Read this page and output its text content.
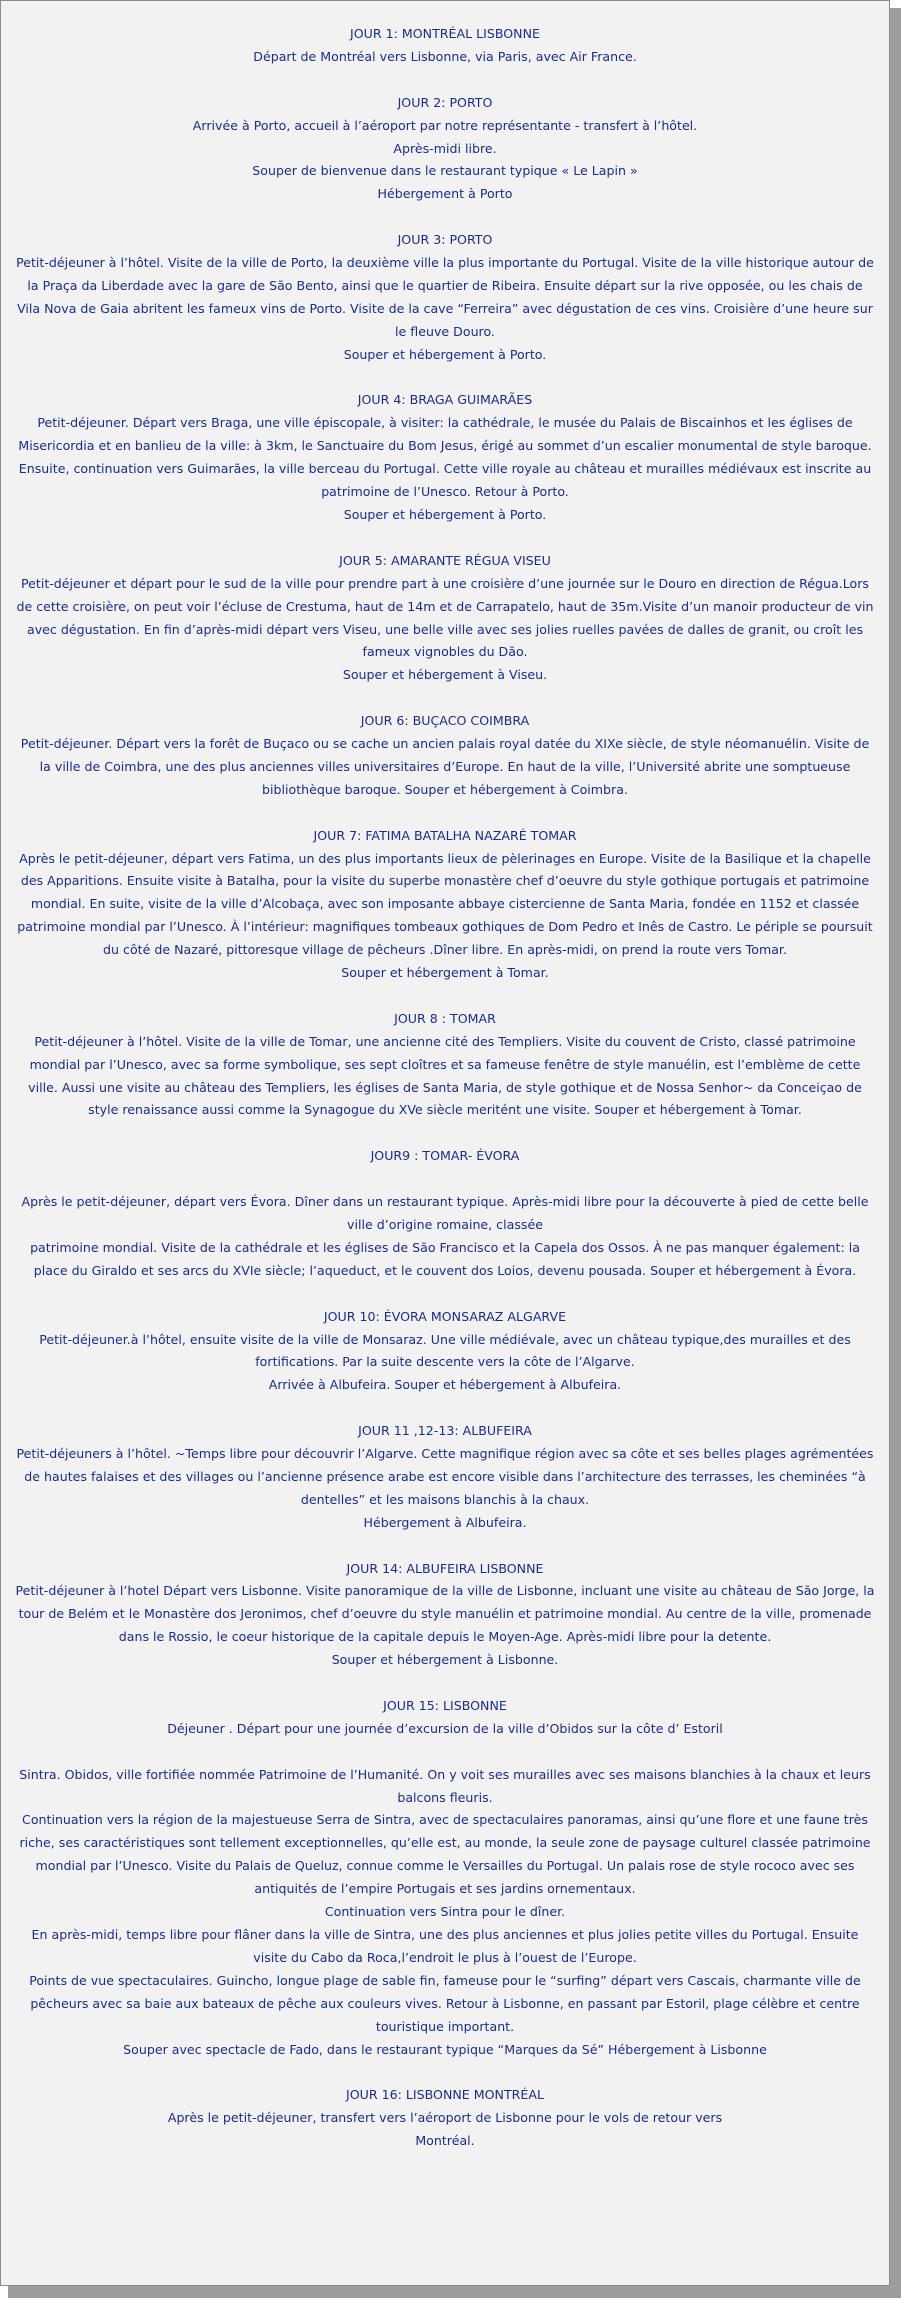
JOUR 1: MONTRÉAL LISBONNE

Départ de Montréal vers Lisbonne, via Paris, avec Air France.

JOUR 2: PORTO

Arrivée à Porto, accueil à l’aéroport par notre représentante - transfert à l’hôtel.

Après-midi libre.

Souper de bienvenue dans le restaurant typique « Le Lapin »

Hébergement à Porto

JOUR 3: PORTO

Petit-déjeuner à l’hôtel. Visite de la ville de Porto, la deuxième ville la plus importante du Portugal. Visite de la ville historique autour de la Praça da Liberdade avec la gare de São Bento, ainsi que le quartier de Ribeira. Ensuite départ sur la rive opposée, ou les chais de Vila Nova de Gaia abritent les fameux vins de Porto. Visite de la cave “Ferreira” avec dégustation de ces vins. Croisière d’une heure sur le fleuve Douro.

Souper et hébergement à Porto.

JOUR 4: BRAGA GUIMARÃES

Petit-déjeuner. Départ vers Braga, une ville épiscopale, à visiter: la cathédrale, le musée du Palais de Biscainhos et les églises de Misericordia et en banlieu de la ville: à 3km, le Sanctuaire du Bom Jesus, érigé au sommet d’un escalier monumental de style baroque. Ensuite, continuation vers Guimarães, la ville berceau du Portugal. Cette ville royale au château et murailles médiévaux est inscrite au patrimoine de l’Unesco. Retour à Porto.

Souper et hébergement à Porto.

JOUR 5: AMARANTE RÉGUA VISEU

Petit-déjeuner et départ pour le sud de la ville pour prendre part à une croisière d’une journée sur le Douro en direction de Régua.Lors de cette croisière, on peut voir l’écluse de Crestuma, haut de 14m et de Carrapatelo, haut de 35m.Visite d’un manoir producteur de vin avec dégustation. En fin d’après-midi départ vers Viseu, une belle ville avec ses jolies ruelles pavées de dalles de granit, ou croît les fameux vignobles du Dão.

Souper et hébergement à Viseu.

JOUR 6: BUÇACO COIMBRA

Petit-déjeuner. Départ vers la forêt de Buçaco ou se cache un ancien palais royal datée du XIXe siècle, de style néomanuélin. Visite de la ville de Coimbra, une des plus anciennes villes universitaires d’Europe. En haut de la ville, l’Université abrite une somptueuse bibliothèque baroque. Souper et hébergement à Coimbra.

JOUR 7: FATIMA BATALHA NAZARÉ TOMAR

Après le petit-déjeuner, départ vers Fatima, un des plus importants lieux de pèlerinages en Europe. Visite de la Basilique et la chapelle des Apparitions. Ensuite visite à Batalha, pour la visite du superbe monastère chef d’oeuvre du style gothique portugais et patrimoine mondial. En suite, visite de la ville d’Alcobaça, avec son imposante abbaye cistercienne de Santa Maria, fondée en 1152 et classée patrimoine mondial par l’Unesco. À l’intérieur: magnifiques tombeaux gothiques de Dom Pedro et Inês de Castro. Le périple se poursuit du côté de Nazaré, pittoresque village de pêcheurs .Dîner libre. En après-midi, on prend la route vers Tomar.

Souper et hébergement à Tomar.

JOUR 8 : TOMAR

Petit-déjeuner à l’hôtel. Visite de la ville de Tomar, une ancienne cité des Templiers. Visite du couvent de Cristo, classé patrimoine mondial par l’Unesco, avec sa forme symbolique, ses sept cloîtres et sa fameuse fenêtre de style manuélin, est l’emblème de cette ville. Aussi une visite au château des Templiers, les églises de Santa Maria, de style gothique et de Nossa Senhor~ da Conceiçao de style renaissance aussi comme la Synagogue du XVe siècle meritént une visite. Souper et hébergement à Tomar.

JOUR9 : TOMAR- ÉVORA

Après le petit-déjeuner, départ vers Évora. Dîner dans un restaurant typique. Après-midi libre pour la découverte à pied de cette belle ville d’origine romaine, classée

patrimoine mondial. Visite de la cathédrale et les églises de São Francisco et la Capela dos Ossos. À ne pas manquer également: la place du Giraldo et ses arcs du XVIe siècle; l’aqueduct, et le couvent dos Loios, devenu pousada. Souper et hébergement à Évora.

JOUR 10: ÉVORA MONSARAZ ALGARVE

Petit-déjeuner.à l’hôtel, ensuite visite de la ville de Monsaraz. Une ville médiévale, avec un château typique,des murailles et des fortifications. Par la suite descente vers la côte de l’Algarve.

Arrivée à Albufeira. Souper et hébergement à Albufeira.

JOUR 11 ,12-13: ALBUFEIRA

Petit-déjeuners à l’hôtel. ~Temps libre pour découvrir l’Algarve. Cette magnifique région avec sa côte et ses belles plages agrémentées de hautes falaises et des villages ou l’ancienne présence arabe est encore visible dans l’architecture des terrasses, les cheminées “à dentelles” et les maisons blanchis à la chaux.

Hébergement à Albufeira.

JOUR 14: ALBUFEIRA LISBONNE

Petit-déjeuner à l’hotel Départ vers Lisbonne. Visite panoramique de la ville de Lisbonne, incluant une visite au château de São Jorge, la tour de Belém et le Monastère dos Jeronimos, chef d’oeuvre du style manuélin et patrimoine mondial. Au centre de la ville, promenade dans le Rossio, le coeur historique de la capitale depuis le Moyen-Age. Après-midi libre pour la detente.

Souper et hébergement à Lisbonne.

JOUR 15: LISBONNE

Déjeuner . Départ pour une journée d’excursion de la ville d’Obidos sur la côte d’ Estoril

Sintra. Obidos, ville fortifiée nommée Patrimoine de l’Humanité. On y voit ses murailles avec ses maisons blanchies à la chaux et leurs balcons fleuris.

Continuation vers la région de la majestueuse Serra de Sintra, avec de spectaculaires panoramas, ainsi qu’une flore et une faune très riche, ses caractéristiques sont tellement exceptionnelles, qu’elle est, au monde, la seule zone de paysage culturel classée patrimoine mondial par l’Unesco. Visite du Palais de Queluz, connue comme le Versailles du Portugal. Un palais rose de style rococo avec ses antiquités de l’empire Portugais et ses jardins ornementaux.

Continuation vers Sintra pour le dîner.

En après-midi, temps libre pour flâner dans la ville de Sintra, une des plus anciennes et plus jolies petite villes du Portugal. Ensuite visite du Cabo da Roca,l’endroit le plus à l’ouest de l’Europe.

Points de vue spectaculaires. Guincho, longue plage de sable fin, fameuse pour le “surfing” départ vers Cascais, charmante ville de pêcheurs avec sa baie aux bateaux de pêche aux couleurs vives. Retour à Lisbonne, en passant par Estoril, plage célèbre et centre touristique important.

Souper avec spectacle de Fado, dans le restaurant typique “Marques da Sé” Hébergement à Lisbonne

JOUR 16: LISBONNE MONTRÉAL

Après le petit-déjeuner, transfert vers l’aéroport de Lisbonne pour le vols de retour vers

Montréal.
